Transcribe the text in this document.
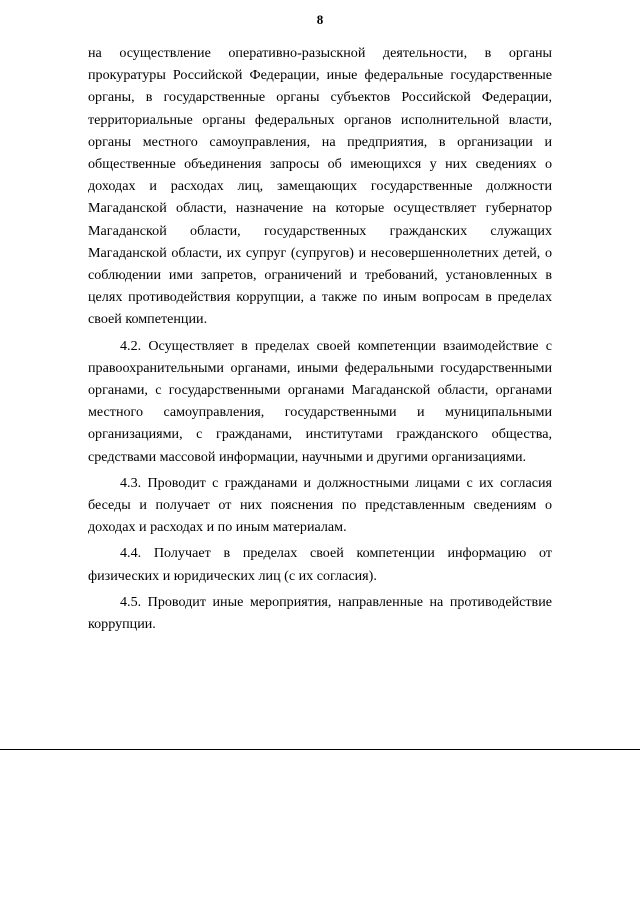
8

на осуществление оперативно-разыскной деятельности, в органы прокуратуры Российской Федерации, иные федеральные государственные органы, в государственные органы субъектов Российской Федерации, территориальные органы федеральных органов исполнительной власти, органы местного самоуправления, на предприятия, в организации и общественные объединения запросы об имеющихся у них сведениях о доходах и расходах лиц, замещающих государственные должности Магаданской области, назначение на которые осуществляет губернатор Магаданской области, государственных гражданских служащих Магаданской области, их супруг (супругов) и несовершеннолетних детей, о соблюдении ими запретов, ограничений и требований, установленных в целях противодействия коррупции, а также по иным вопросам в пределах своей компетенции.

4.2. Осуществляет в пределах своей компетенции взаимодействие с правоохранительными органами, иными федеральными государственными органами, с государственными органами Магаданской области, органами местного самоуправления, государственными и муниципальными организациями, с гражданами, институтами гражданского общества, средствами массовой информации, научными и другими организациями.

4.3. Проводит с гражданами и должностными лицами с их согласия беседы и получает от них пояснения по представленным сведениям о доходах и расходах и по иным материалам.

4.4. Получает в пределах своей компетенции информацию от физических и юридических лиц (с их согласия).

4.5. Проводит иные мероприятия, направленные на противодействие коррупции.
